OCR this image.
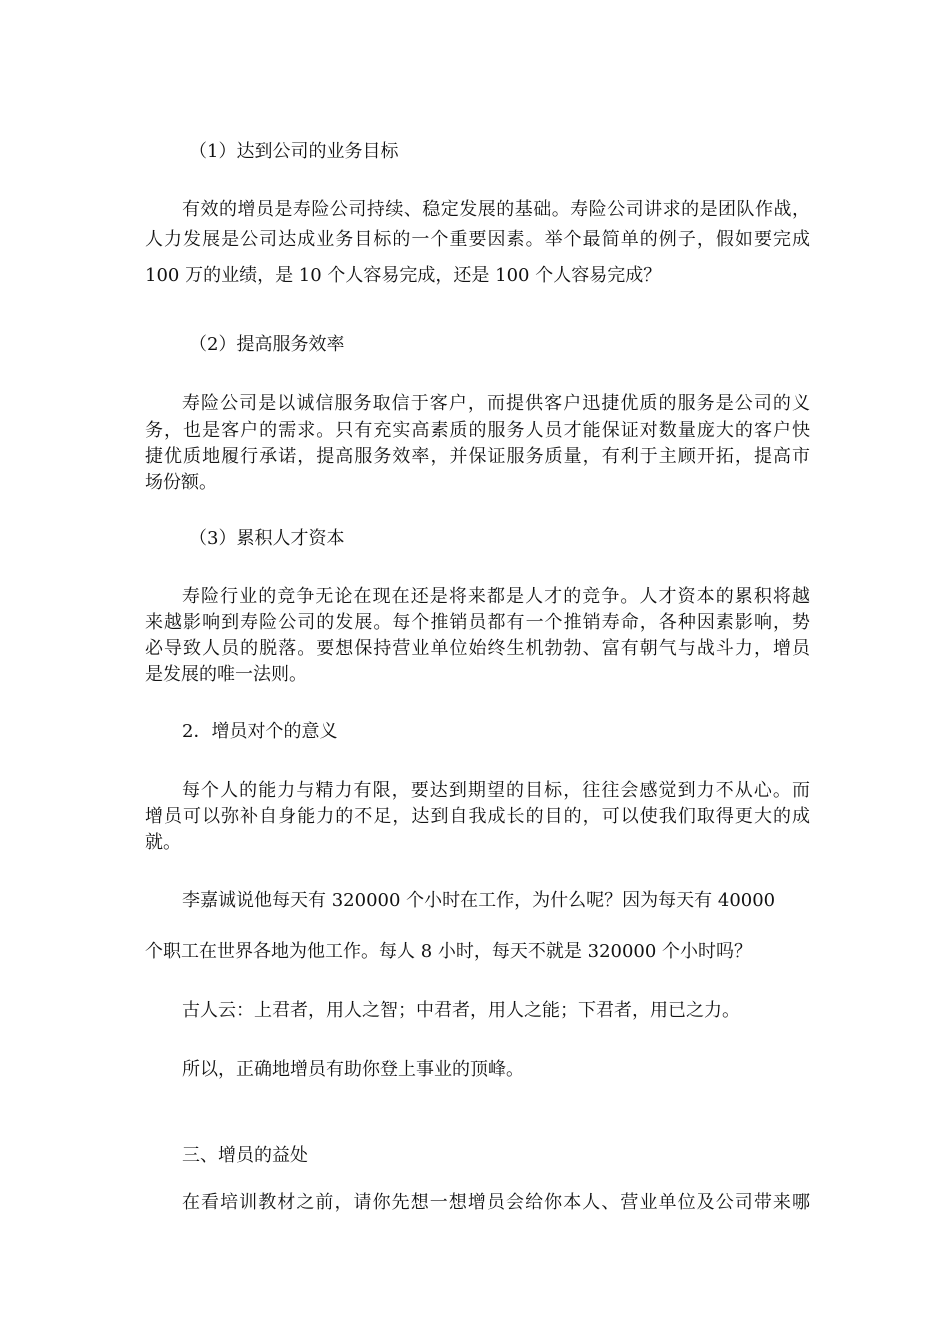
（1）达到公司的业务目标
有效的增员是寿险公司持续、稳定发展的基础。寿险公司讲求的是团队作战，
人力发展是公司达成业务目标的一个重要因素。举个最简单的例子，假如要完成
100 万的业绩，是 10 个人容易完成，还是 100 个人容易完成？
（2）提高服务效率
寿险公司是以诚信服务取信于客户，而提供客户迅捷优质的服务是公司的义
务，也是客户的需求。只有充实高素质的服务人员才能保证对数量庞大的客户快
捷优质地履行承诺，提高服务效率，并保证服务质量，有利于主顾开拓，提高市
场份额。
（3）累积人才资本
寿险行业的竞争无论在现在还是将来都是人才的竞争。人才资本的累积将越
来越影响到寿险公司的发展。每个推销员都有一个推销寿命，各种因素影响，势
必导致人员的脱落。要想保持营业单位始终生机勃勃、富有朝气与战斗力，增员
是发展的唯一法则。
2．增员对个的意义
每个人的能力与精力有限，要达到期望的目标，往往会感觉到力不从心。而
增员可以弥补自身能力的不足，达到自我成长的目的，可以使我们取得更大的成
就。
李嘉诚说他每天有 320000 个小时在工作，为什么呢？因为每天有 40000
个职工在世界各地为他工作。每人 8 小时，每天不就是 320000 个小时吗？
古人云：上君者，用人之智；中君者，用人之能；下君者，用已之力。
所以，正确地增员有助你登上事业的顶峰。
三、增员的益处
在看培训教材之前，请你先想一想增员会给你本人、营业单位及公司带来哪
